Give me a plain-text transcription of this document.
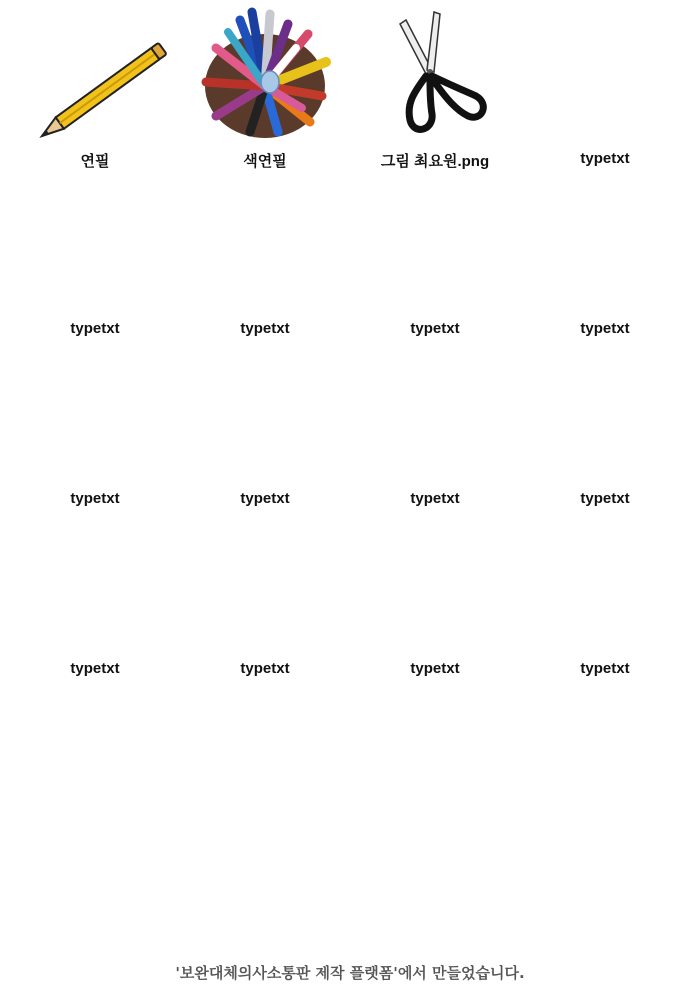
연필	색연필	그림 최요원.png	typetxt
typetxt	typetxt	typetxt	typetxt
typetxt	typetxt	typetxt	typetxt
typetxt	typetxt	typetxt	typetxt
'보완대체의사소통판 제작 플랫폼'에서 만들었습니다.
